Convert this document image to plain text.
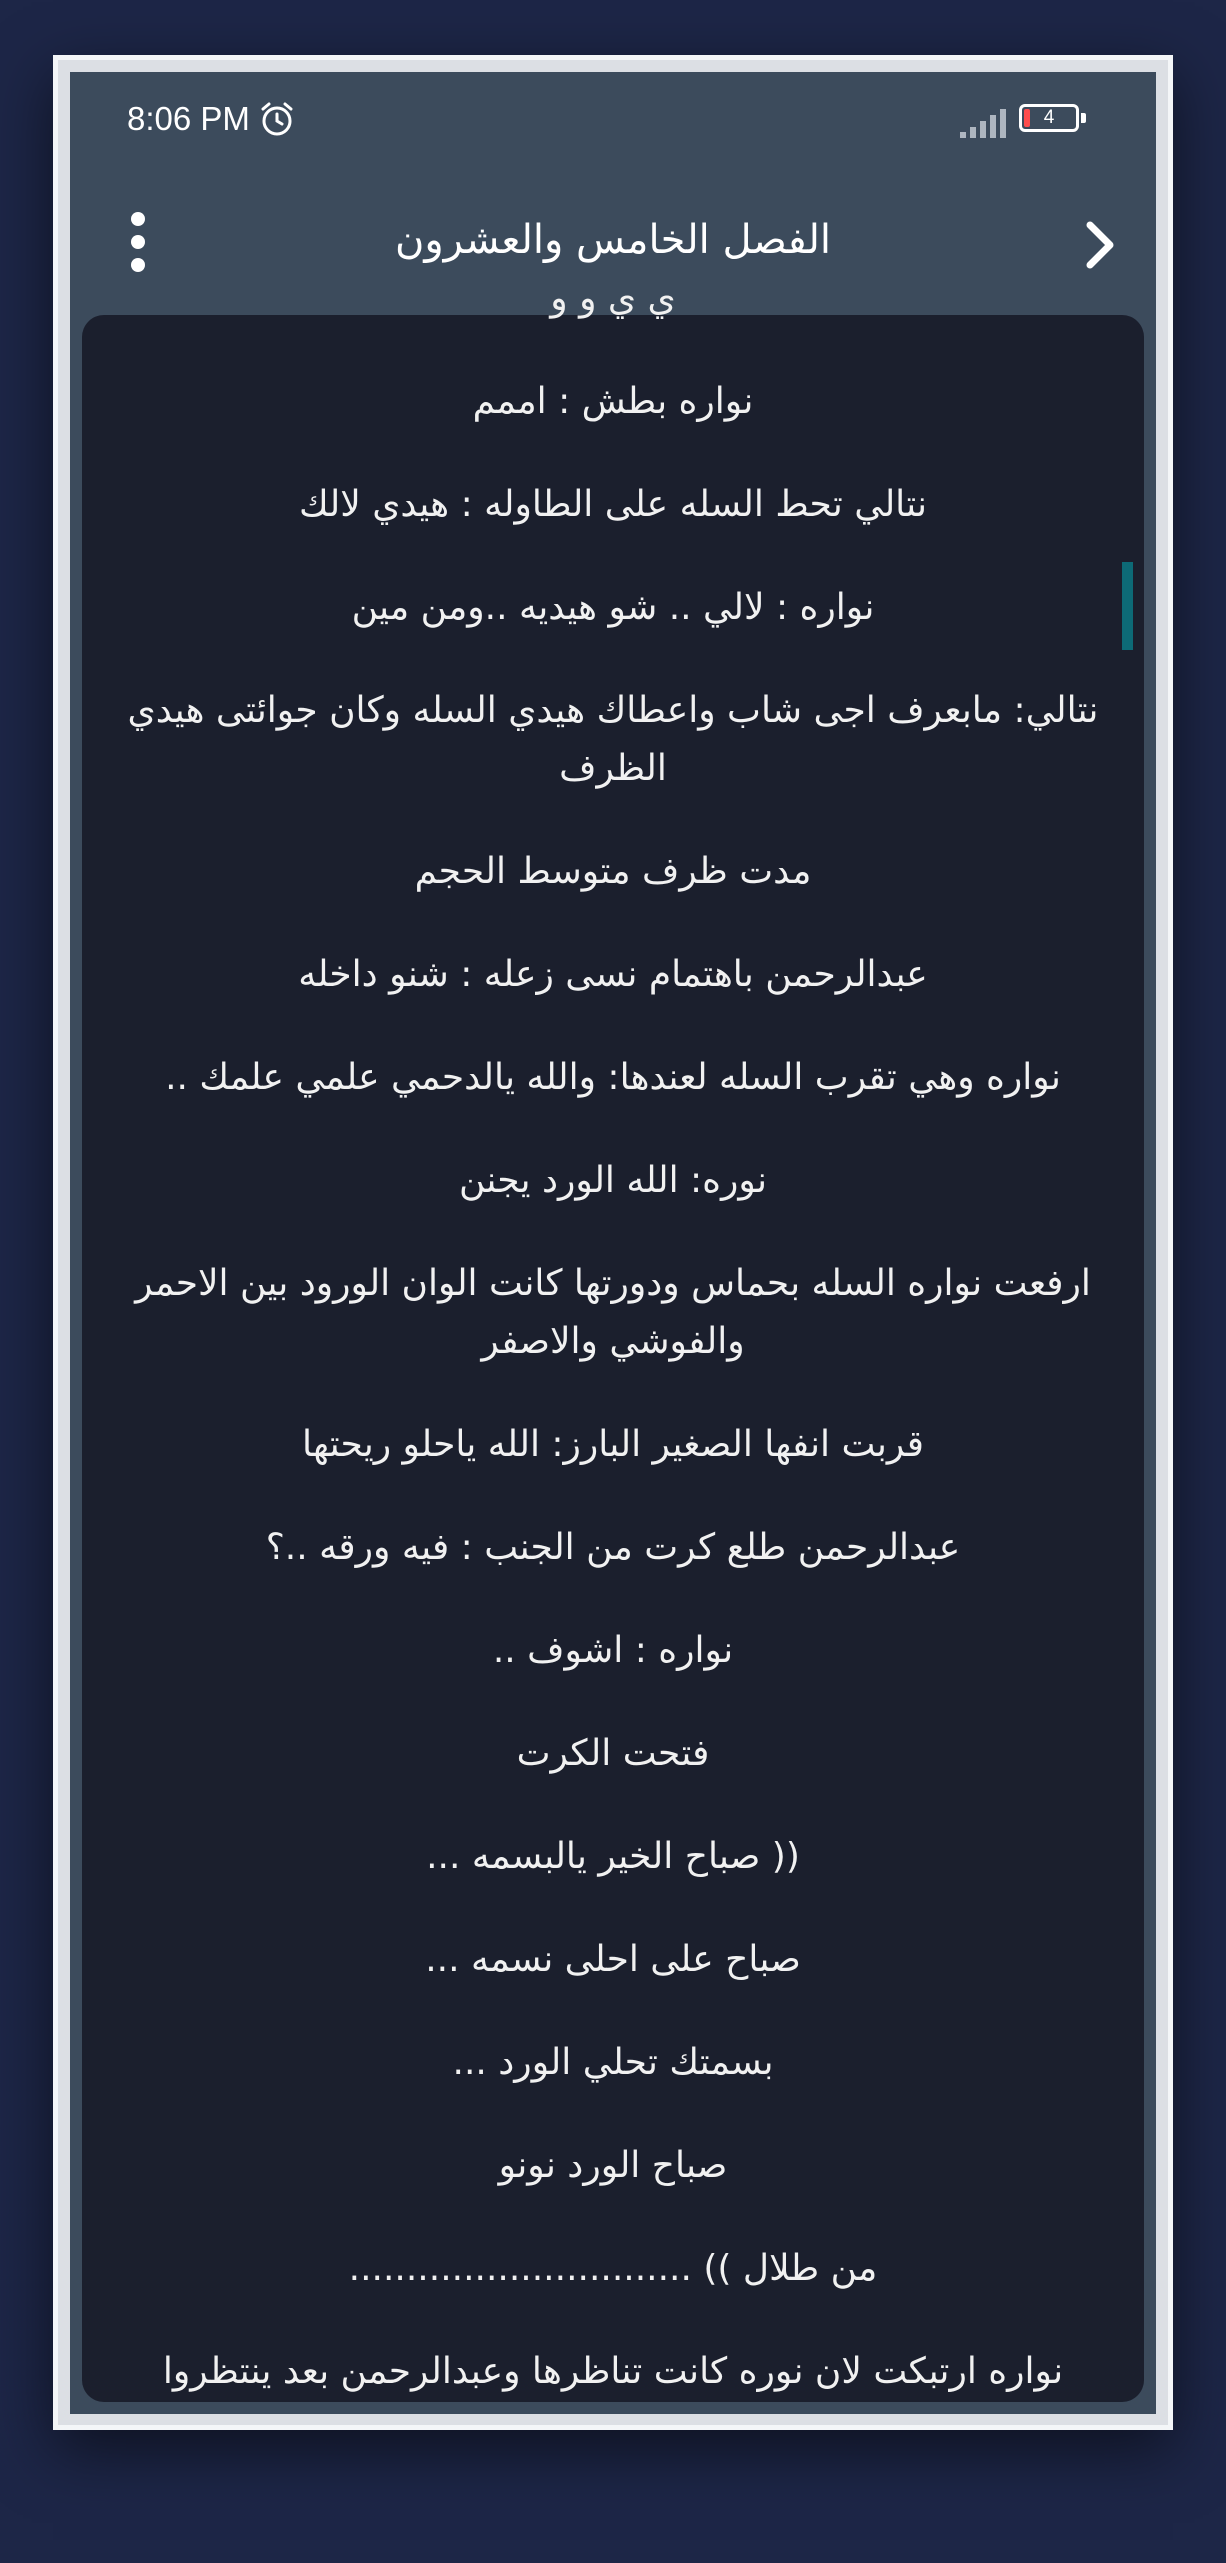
8:06 PM	4
الفصل الخامس والعشرون

ي ي و و

نواره بطش : اممم

نتالي تحط السله على الطاوله : هيدي لالك

نواره : لالي .. شو هيديه ..ومن مين

نتالي: مابعرف اجى شاب واعطاك هيدي السله وكان جوائتى هيدي الظرف

مدت ظرف متوسط الحجم

عبدالرحمن باهتمام نسى زعله : شنو داخله

نواره وهي تقرب السله لعندها: والله يالدحمي علمي علمك ..

نوره: الله الورد يجنن

ارفعت نواره السله بحماس ودورتها كانت الوان الورود بين الاحمر والفوشي والاصفر

قربت انفها الصغير البارز: الله ياحلو ريحتها

عبدالرحمن طلع كرت من الجنب : فيه ورقه ..؟

نواره : اشوف ..

فتحت الكرت

(( صباح الخير يالبسمه ...

صباح على احلى نسمه ...

بسمتك تحلي الورد ...

صباح الورد نونو

من طلال )) ..............................

نواره ارتبكت لان نوره كانت تناظرها وعبدالرحمن بعد ينتظروا
